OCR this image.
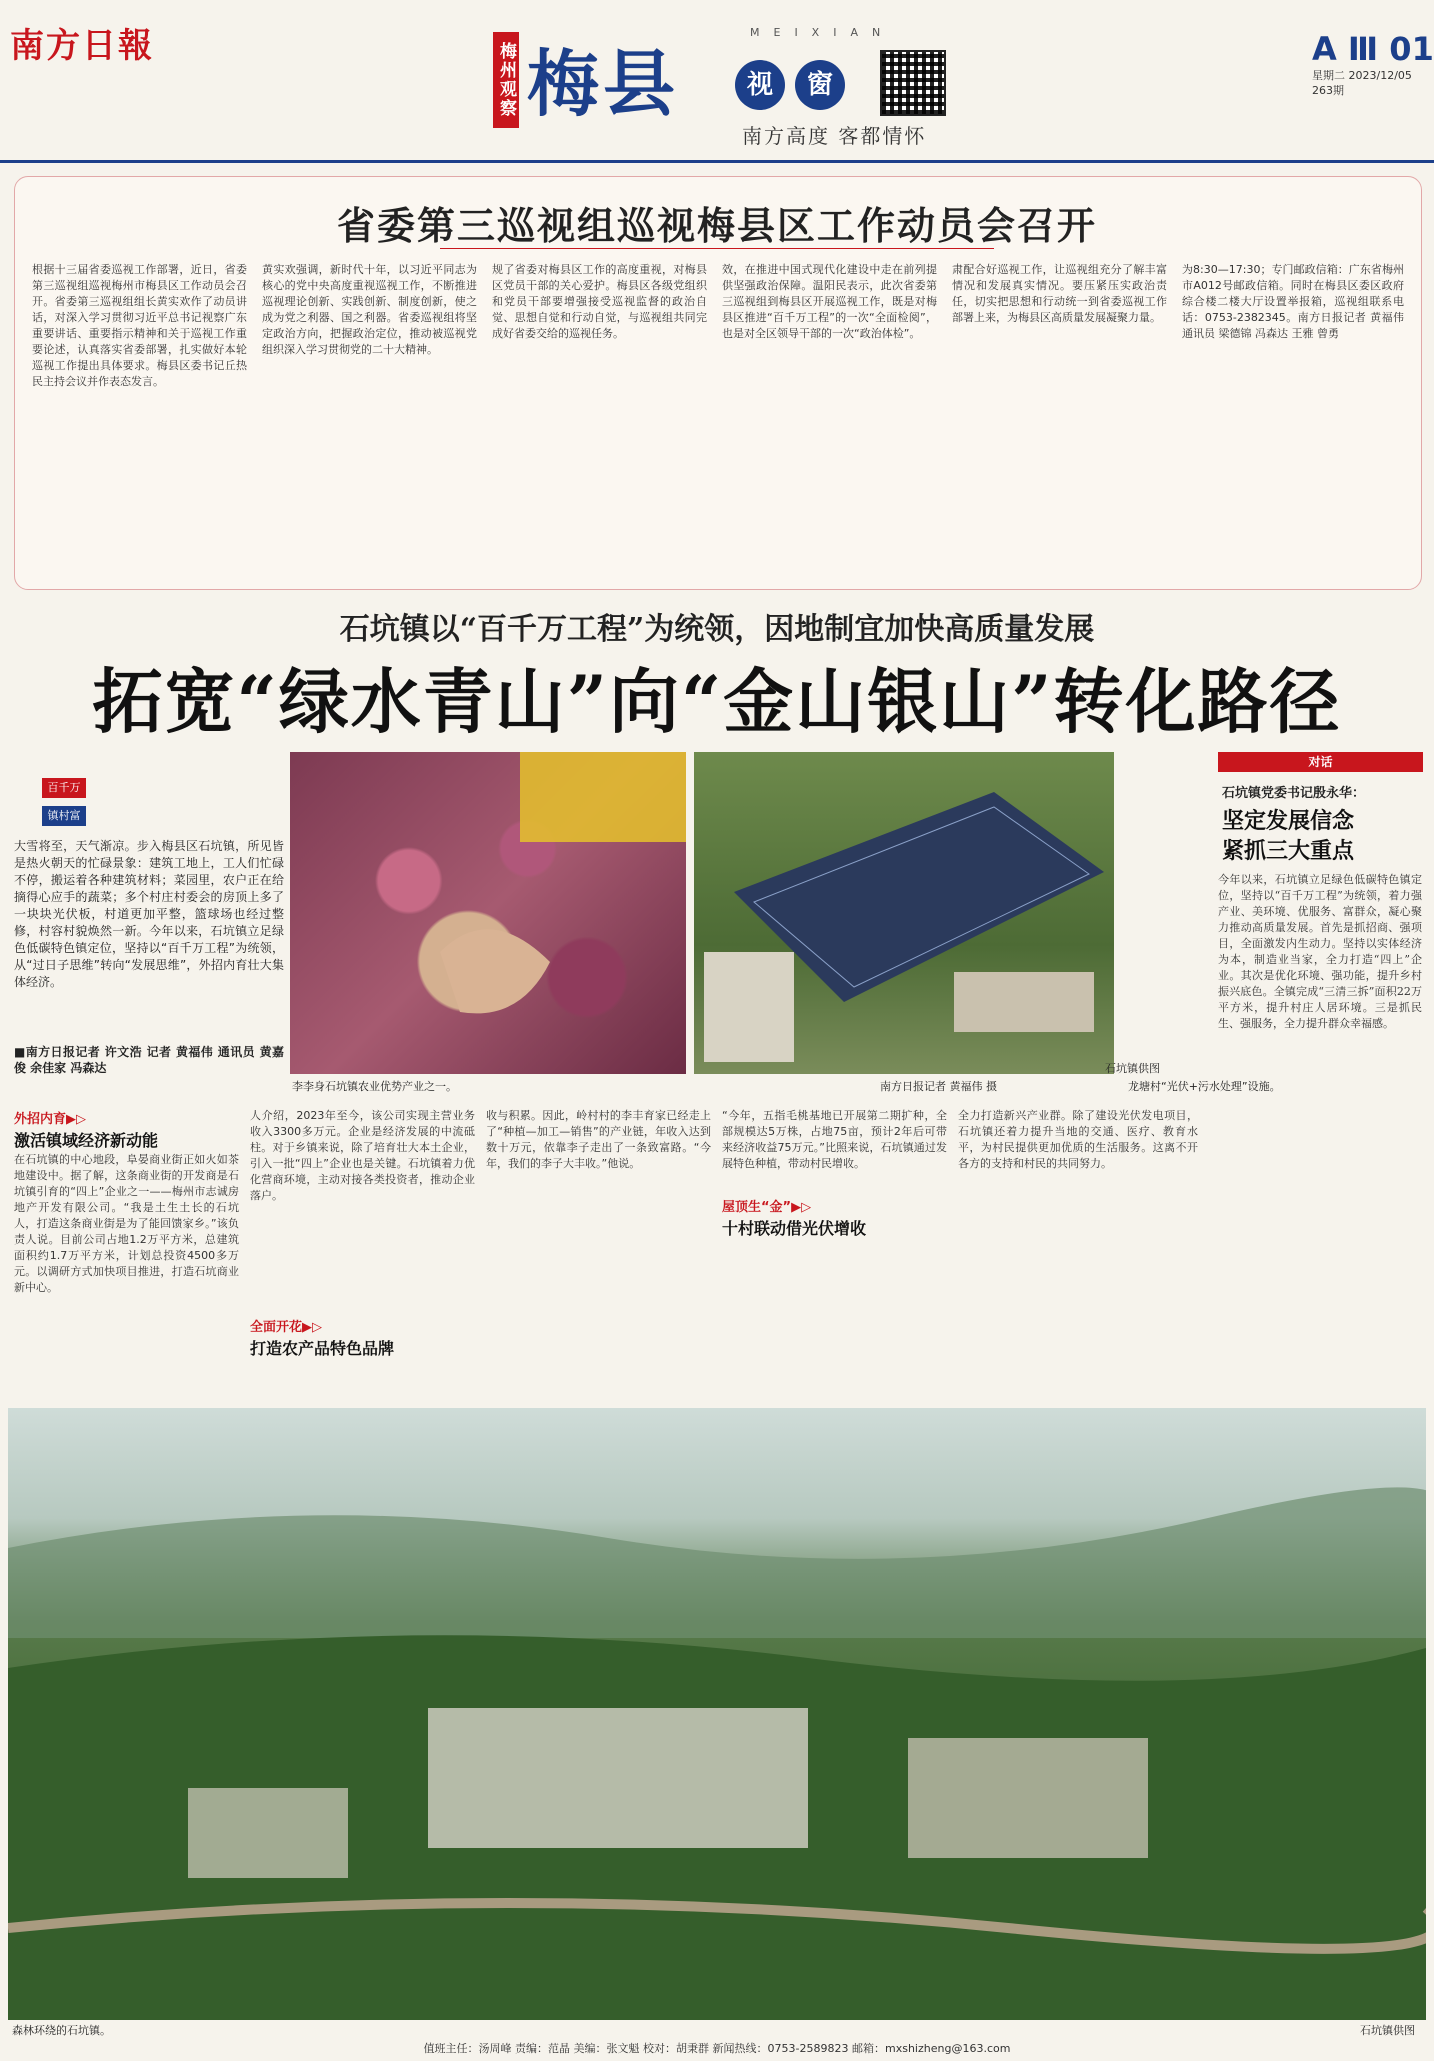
南方日報	梅州观察 梅县
MEIXIAN
视	窗
南方高度 客都情怀
A Ⅲ 01
星期二 2023/12/05
263期
省委第三巡视组巡视梅县区工作动员会召开
根据十三届省委巡视工作部署，近日，省委第三巡视组巡视梅州市梅县区工作动员会召开。省委第三巡视组组长黄实欢作了动员讲话，对深入学习贯彻习近平总书记视察广东重要讲话、重要指示精神和关于巡视工作重要论述，认真落实省委部署，扎实做好本轮巡视工作提出具体要求。梅县区委书记丘热民主持会议并作表态发言。
黄实欢强调，新时代十年，以习近平同志为核心的党中央高度重视巡视工作，不断推进巡视理论创新、实践创新、制度创新，使之成为党之利器、国之利器。省委巡视组将坚定政治方向，把握政治定位，推动被巡视党组织深入学习贯彻党的二十大精神。
规了省委对梅县区工作的高度重视，对梅县区党员干部的关心爱护。梅县区各级党组织和党员干部要增强接受巡视监督的政治自觉、思想自觉和行动自觉，与巡视组共同完成好省委交给的巡视任务。
效，在推进中国式现代化建设中走在前列提供坚强政治保障。温阳民表示，此次省委第三巡视组到梅县区开展巡视工作，既是对梅县区推进“百千万工程”的一次“全面检阅”，也是对全区领导干部的一次“政治体检”。
肃配合好巡视工作，让巡视组充分了解丰富情况和发展真实情况。要压紧压实政治责任，切实把思想和行动统一到省委巡视工作部署上来，为梅县区高质量发展凝聚力量。
为8:30—17:30；专门邮政信箱：广东省梅州市A012号邮政信箱。同时在梅县区委区政府综合楼二楼大厅设置举报箱，巡视组联系电话：0753-2382345。南方日报记者 黄福伟 通讯员 梁德锦 冯森达 王雅 曾勇
石坑镇以“百千万工程”为统领，因地制宜加快高质量发展
拓宽“绿水青山”向“金山银山”转化路径
百千万
镇村富
大雪将至，天气渐凉。步入梅县区石坑镇，所见皆是热火朝天的忙碌景象：建筑工地上，工人们忙碌不停，搬运着各种建筑材料；菜园里，农户正在给摘得心应手的蔬菜；多个村庄村委会的房顶上多了一块块光伏板，村道更加平整，篮球场也经过整修，村容村貌焕然一新。今年以来，石坑镇立足绿色低碳特色镇定位，坚持以“百千万工程”为统领，从“过日子思维”转向“发展思维”，外招内育壮大集体经济。
■南方日报记者 许文浩 记者 黄福伟 通讯员 黄嘉俊 余佳家 冯森达
李李身石坑镇农业优势产业之一。	南方日报记者 黄福伟 摄	龙塘村“光伏+污水处理”设施。
石坑镇供图
外招内育▶▷
激活镇域经济新动能
在石坑镇的中心地段，阜晏商业街正如火如茶地建设中。据了解，这条商业街的开发商是石坑镇引育的“四上”企业之一——梅州市志诚房地产开发有限公司。“我是土生土长的石坑人，打造这条商业街是为了能回馈家乡。”该负责人说。目前公司占地1.2万平方米，总建筑面积约1.7万平方米，计划总投资4500多万元。以调研方式加快项目推进，打造石坑商业新中心。
人介绍，2023年至今，该公司实现主营业务收入3300多万元。企业是经济发展的中流砥柱。对于乡镇来说，除了培育壮大本土企业，引入一批“四上”企业也是关键。石坑镇着力优化营商环境，主动对接各类投资者，推动企业落户。
全面开花▶▷
打造农产品特色品牌
收与积累。因此，岭村村的李丰育家已经走上了“种植—加工—销售”的产业链，年收入达到数十万元，依靠李子走出了一条致富路。“今年，我们的李子大丰收。”他说。
“今年，五指毛桃基地已开展第二期扩种，全部规模达5万株，占地75亩，预计2年后可带来经济收益75万元。”比照来说，石坑镇通过发展特色种植，带动村民增收。
屋顶生“金”▶▷
十村联动借光伏增收
全力打造新兴产业群。除了建设光伏发电项目，石坑镇还着力提升当地的交通、医疗、教育水平，为村民提供更加优质的生活服务。这离不开各方的支持和村民的共同努力。
对话
石坑镇党委书记殷永华：
坚定发展信念
紧抓三大重点
今年以来，石坑镇立足绿色低碳特色镇定位，坚持以“百千万工程”为统领，着力强产业、美环境、优服务、富群众，凝心聚力推动高质量发展。首先是抓招商、强项目，全面激发内生动力。坚持以实体经济为本，制造业当家，全力打造“四上”企业。其次是优化环境、强功能，提升乡村振兴底色。全镇完成“三清三拆”面积22万平方米，提升村庄人居环境。三是抓民生、强服务，全力提升群众幸福感。
森林环绕的石坑镇。	石坑镇供图
值班主任：汤周峰 责编：范晶 美编：张文魁 校对：胡秉群 新闻热线：0753-2589823 邮箱：mxshizheng@163.com
